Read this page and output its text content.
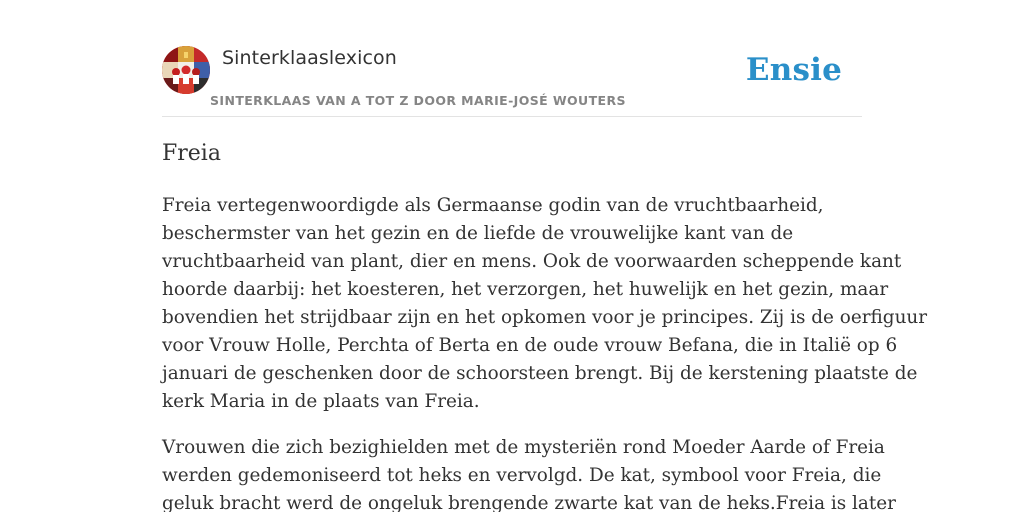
Sinterklaaslexicon
SINTERKLAAS VAN A TOT Z DOOR MARIE-JOSÉ WOUTERS
Ensie
Freia

Freia vertegenwoordigde als Germaanse godin van de vruchtbaarheid,
beschermster van het gezin en de liefde de vrouwelijke kant van de
vruchtbaarheid van plant, dier en mens. Ook de voorwaarden scheppende kant
hoorde daarbij: het koesteren, het verzorgen, het huwelijk en het gezin, maar
bovendien het strijdbaar zijn en het opkomen voor je principes. Zij is de oerfiguur
voor Vrouw Holle, Perchta of Berta en de oude vrouw Befana, die in Italië op 6
januari de geschenken door de schoorsteen brengt. Bij de kerstening plaatste de
kerk Maria in de plaats van Freia.

Vrouwen die zich bezighielden met de mysteriën rond Moeder Aarde of Freia
werden gedemoniseerd tot heks en vervolgd. De kat, symbool voor Freia, die
geluk bracht werd de ongeluk brengende zwarte kat van de heks.Freia is later
